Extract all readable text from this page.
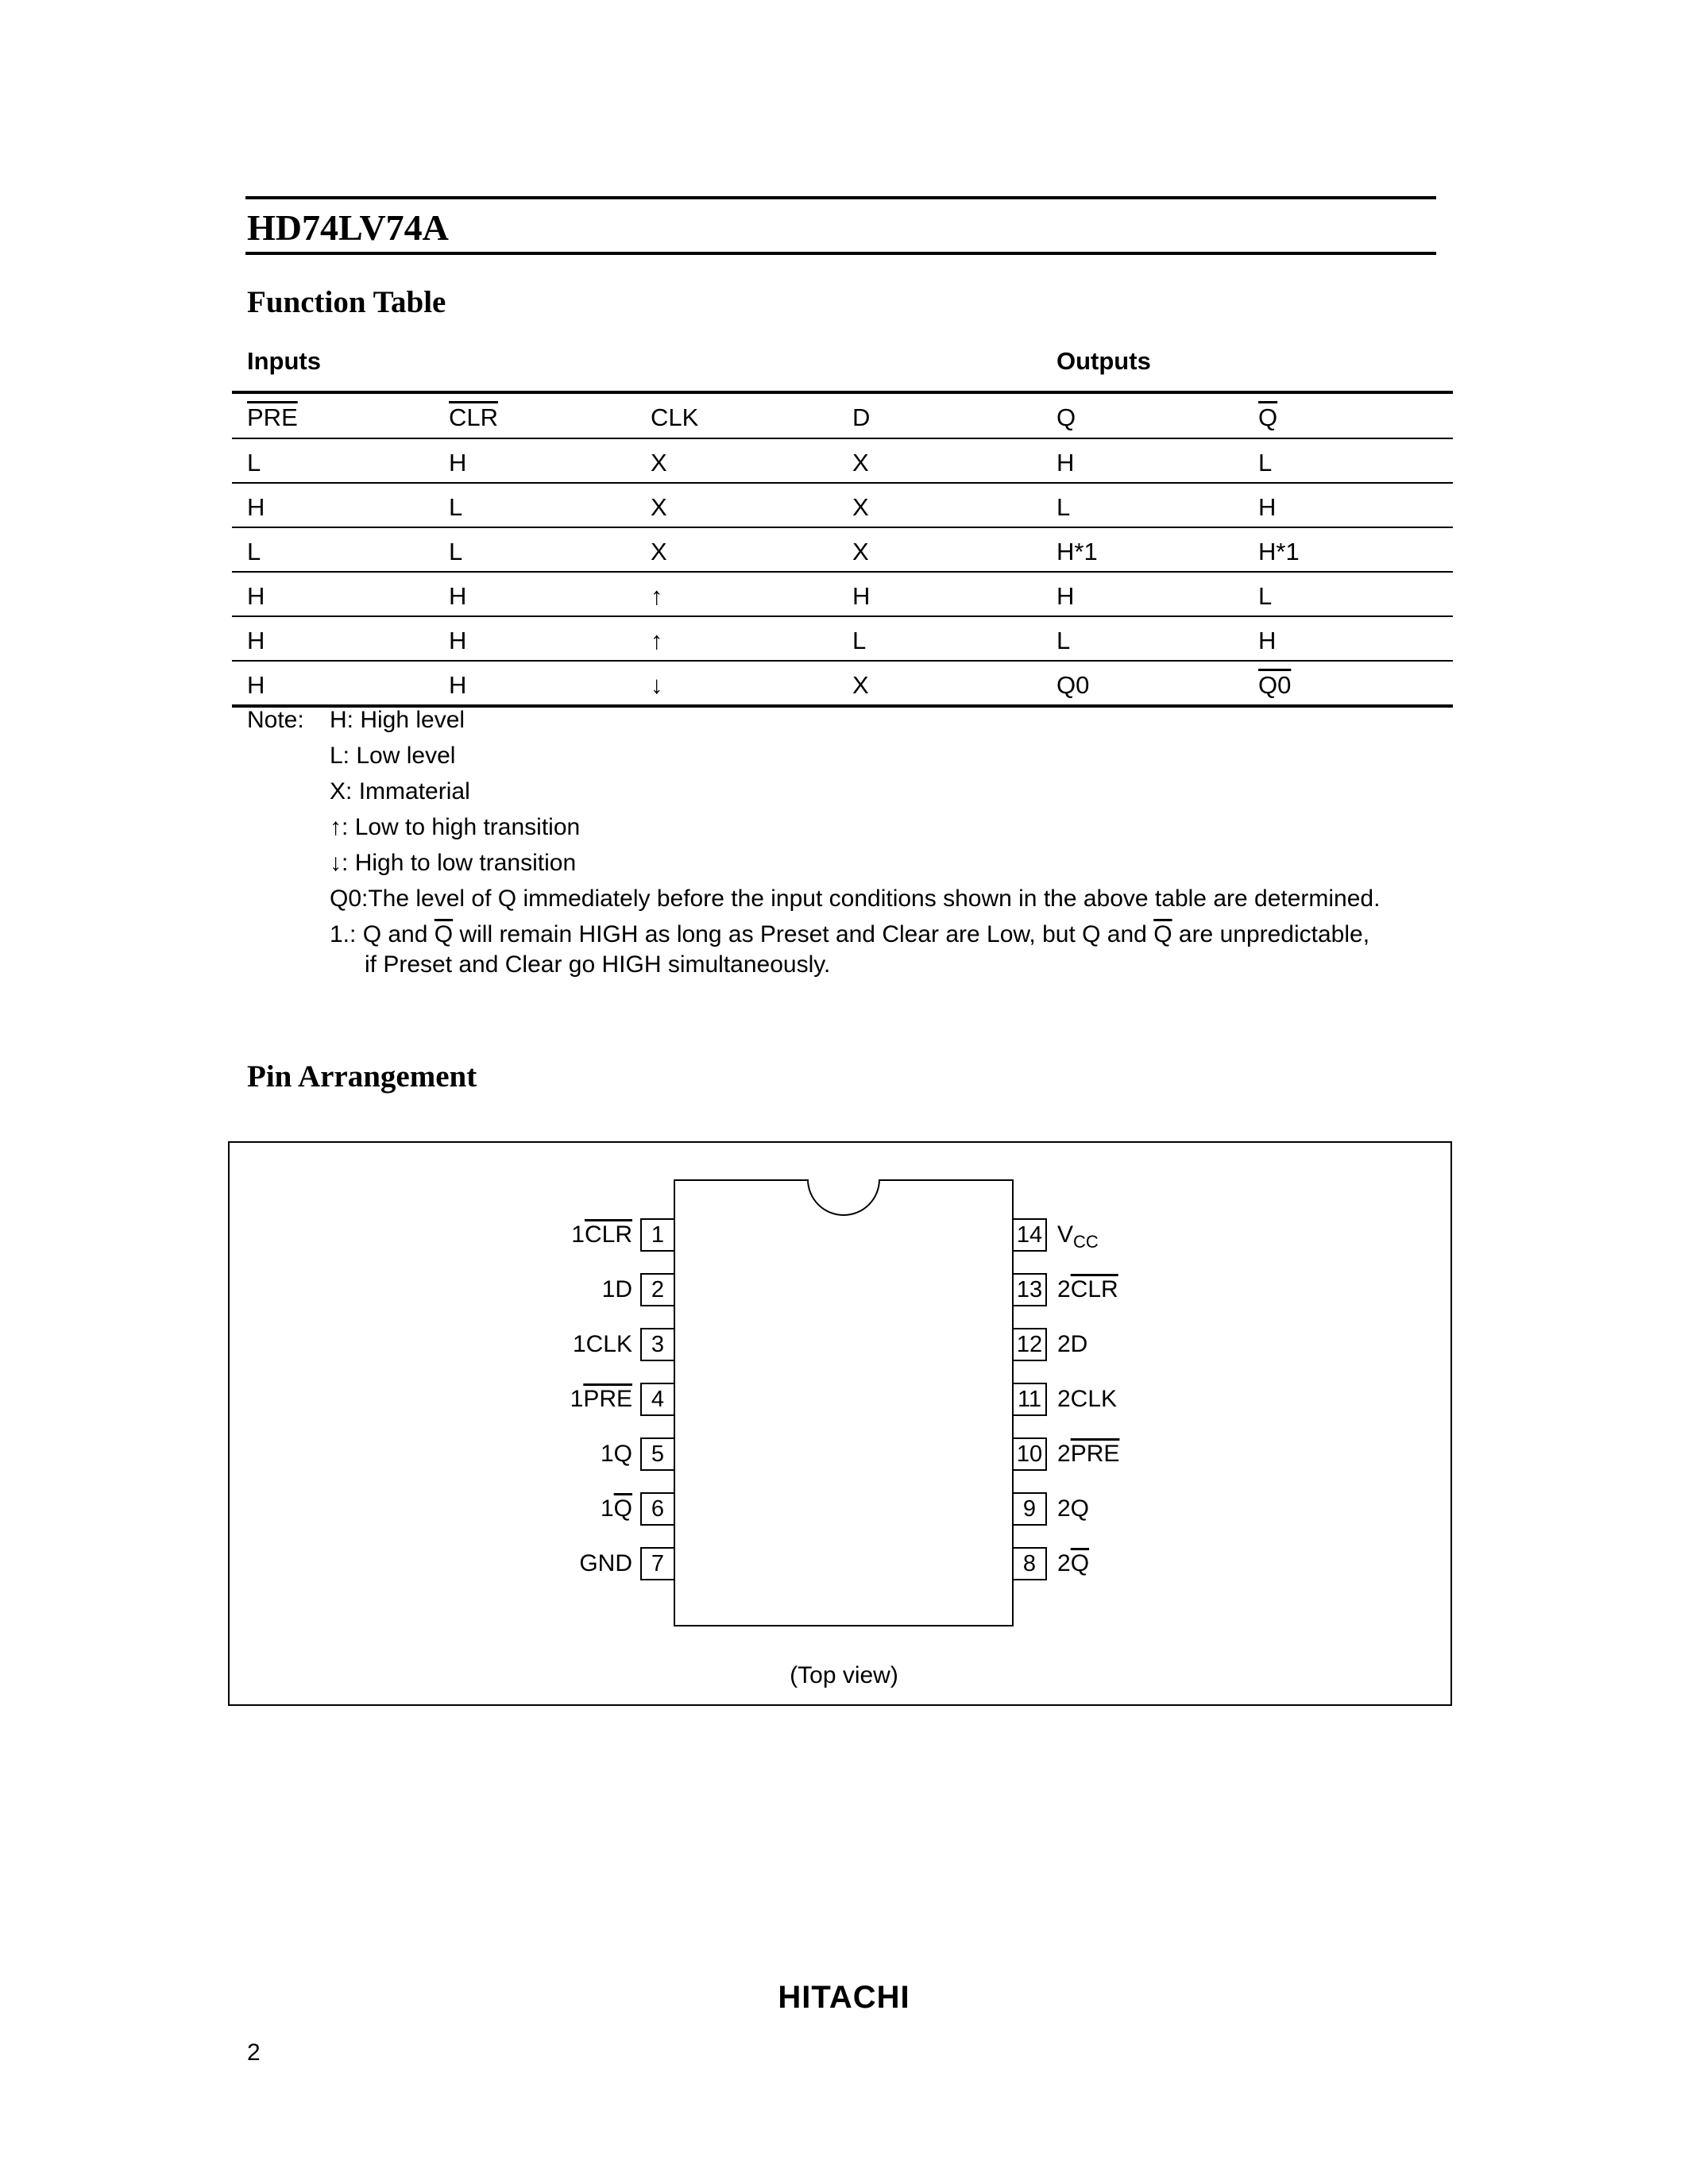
HD74LV74A
Function Table
Inputs	Outputs
$\overline{PRE}$	$\overline{CLR}$	CLK	D	Q	$\overline{Q}$
L	H	X	X	H	L
H	L	X	X	L	H
L	L	X	X	H*1	H*1
H	H	↑	H	H	L
H	H	↑	L	L	H
H	H	↓	X	Q0	Q0
Note: H: High level
L: Low level
X: Immaterial
↑: Low to high transition
↓: High to low transition
Q0:The level of Q immediately before the input conditions shown in the above table are determined.
1.: Q and $\overline{Q}$ will remain HIGH as long as Preset and Clear are Low, but Q and $\overline{Q}$ are unpredictable,
if Preset and Clear go HIGH simultaneously.
Pin Arrangement
1
$1\overline{CLR}$
2
1D
3
1CLK
4
$1\overline{PRE}$
5
1Q
6
$1\overline{Q}$
7
GND
14 $V_{CC}$
13 $2\overline{CLR}$
12 2D
11 2CLK
10 $2\overline{PRE}$
9 2Q
8 $2\overline{Q}$
(Top view)
HITACHI
2
